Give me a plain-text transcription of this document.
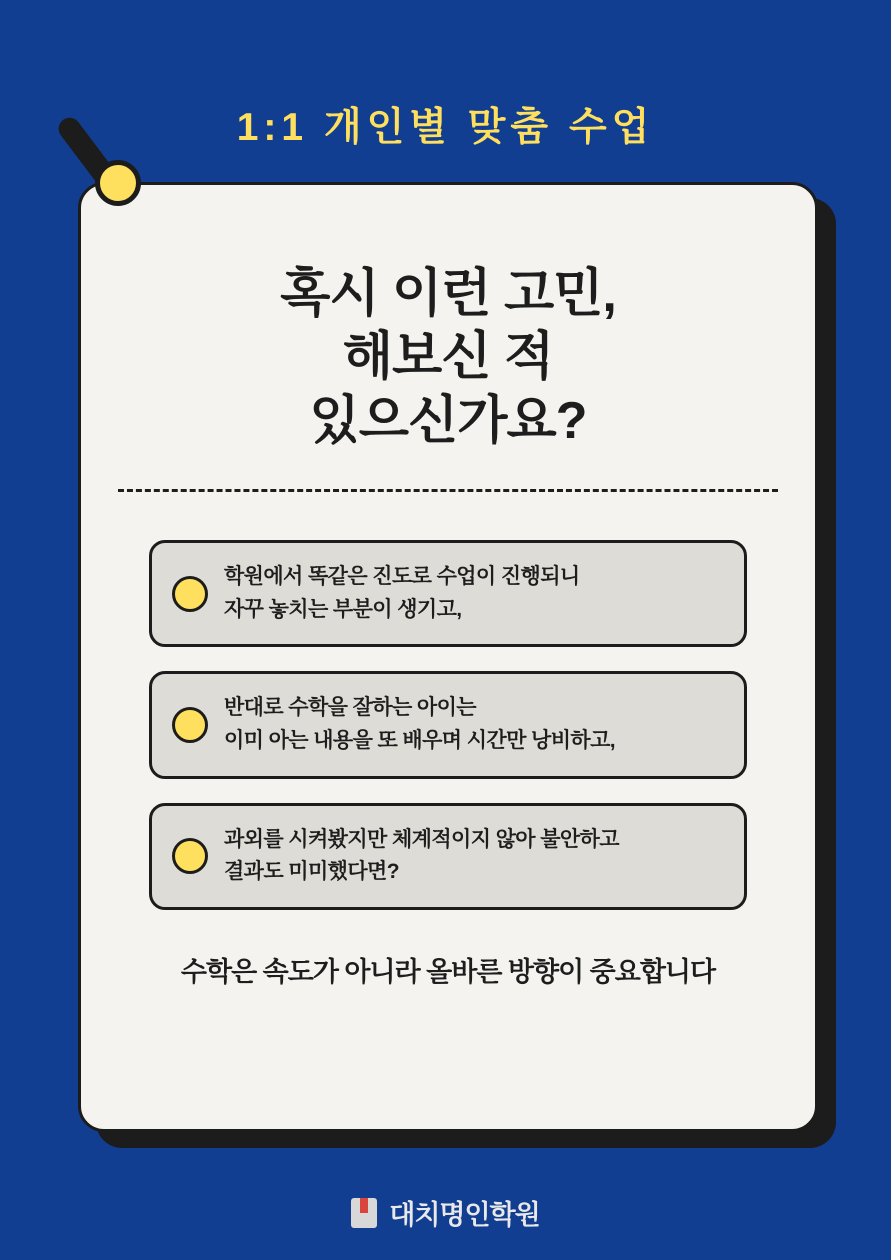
1:1 개인별 맞춤 수업
혹시 이런 고민,
해보신 적
있으신가요?
학원에서 똑같은 진도로 수업이 진행되니
자꾸 놓치는 부분이 생기고,
반대로 수학을 잘하는 아이는
이미 아는 내용을 또 배우며 시간만 낭비하고,
과외를 시켜봤지만 체계적이지 않아 불안하고
결과도 미미했다면?
수학은 속도가 아니라 올바른 방향이 중요합니다
대치명인학원
